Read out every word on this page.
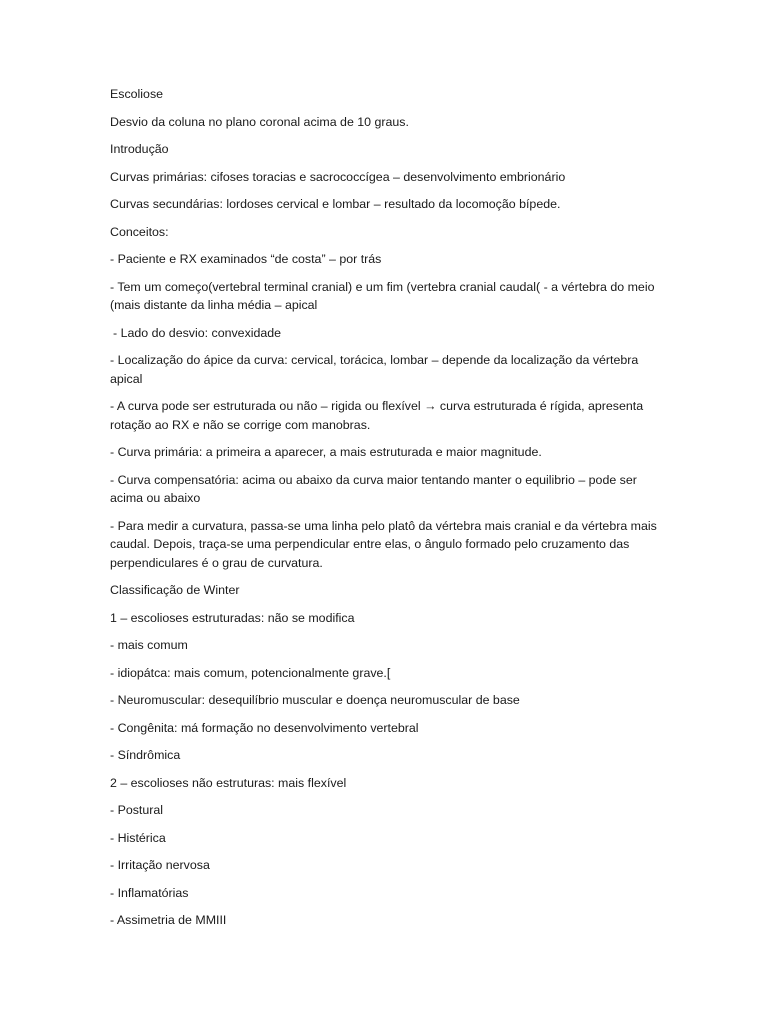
Escoliose

Desvio da coluna no plano coronal acima de 10 graus.

Introdução

Curvas primárias: cifoses toracias e sacrococcígea – desenvolvimento embrionário

Curvas secundárias: lordoses cervical e lombar – resultado da locomoção bípede.

Conceitos:

- Paciente e RX examinados “de costa” – por trás

- Tem um começo(vertebral terminal cranial) e um fim (vertebra cranial caudal( - a vértebra do meio (mais distante da linha média – apical

- Lado do desvio: convexidade

- Localização do ápice da curva: cervical, torácica, lombar – depende da localização da vértebra apical

- A curva pode ser estruturada ou não – rigida ou flexível → curva estruturada é rígida, apresenta rotação ao RX e não se corrige com manobras.

- Curva primária: a primeira a aparecer, a mais estruturada e maior magnitude.

- Curva compensatória: acima ou abaixo da curva maior tentando manter o equilibrio – pode ser acima ou abaixo

- Para medir a curvatura, passa-se uma linha pelo platô da vértebra mais cranial e da vértebra mais caudal. Depois, traça-se uma perpendicular entre elas, o ângulo formado pelo cruzamento das perpendiculares é o grau de curvatura.

Classificação de Winter

1 – escolioses estruturadas: não se modifica

- mais comum

- idiopátca: mais comum, potencionalmente grave.[

- Neuromuscular: desequilíbrio muscular e doença neuromuscular de base

- Congênita: má formação no desenvolvimento vertebral

- Síndrômica

2 – escolioses não estruturas: mais flexível

- Postural

- Histérica

- Irritação nervosa

- Inflamatórias

- Assimetria de MMIII
